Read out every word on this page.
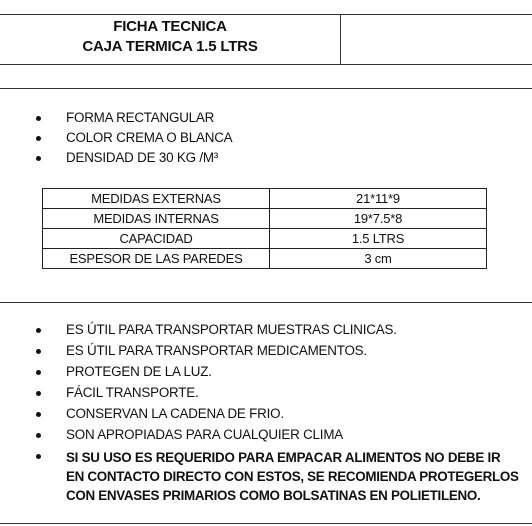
FICHA TECNICA
CAJA TERMICA 1.5 LTRS
FORMA RECTANGULAR
COLOR CREMA O BLANCA
DENSIDAD DE 30 KG /M³
MEDIDAS EXTERNAS	21*11*9
MEDIDAS INTERNAS	19*7.5*8
CAPACIDAD	1.5 LTRS
ESPESOR DE LAS PAREDES	3 cm
ES ÚTIL PARA TRANSPORTAR MUESTRAS CLINICAS.
ES ÚTIL PARA TRANSPORTAR MEDICAMENTOS.
PROTEGEN DE LA LUZ.
FÁCIL TRANSPORTE.
CONSERVAN LA CADENA DE FRIO.
SON APROPIADAS PARA CUALQUIER CLIMA
SI SU USO ES REQUERIDO PARA EMPACAR ALIMENTOS NO DEBE IR
EN CONTACTO DIRECTO CON ESTOS, SE RECOMIENDA PROTEGERLOS
CON ENVASES PRIMARIOS COMO BOLSATINAS EN POLIETILENO.
